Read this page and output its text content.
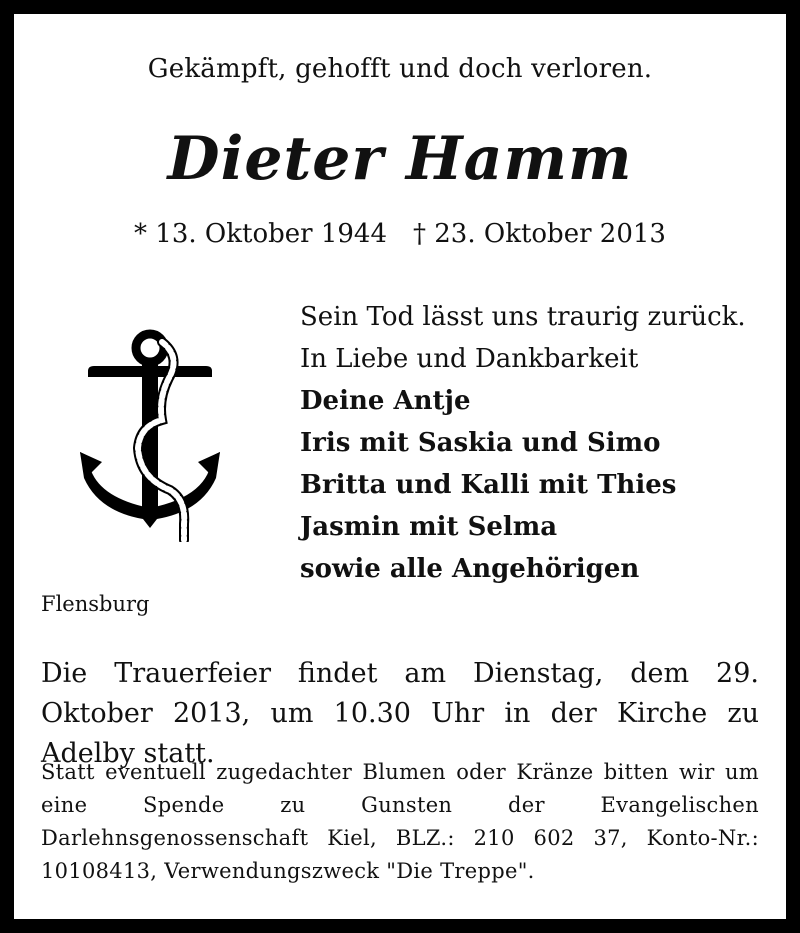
Gekämpft, gehofft und doch verloren.
Dieter Hamm
* 13. Oktober 1944 † 23. Oktober 2013
Sein Tod lässt uns traurig zurück.
In Liebe und Dankbarkeit
Deine Antje
Iris mit Saskia und Simo
Britta und Kalli mit Thies
Jasmin mit Selma
sowie alle Angehörigen
Flensburg
Die Trauerfeier findet am Dienstag, dem 29. Oktober 2013, um 10.30 Uhr in der Kirche zu Adelby statt.
Statt eventuell zugedachter Blumen oder Kränze bitten wir um eine Spende zu Gunsten der Evangelischen Darlehnsgenossenschaft Kiel, BLZ.: 210 602 37, Konto-Nr.: 10108413, Verwendungszweck "Die Treppe".
